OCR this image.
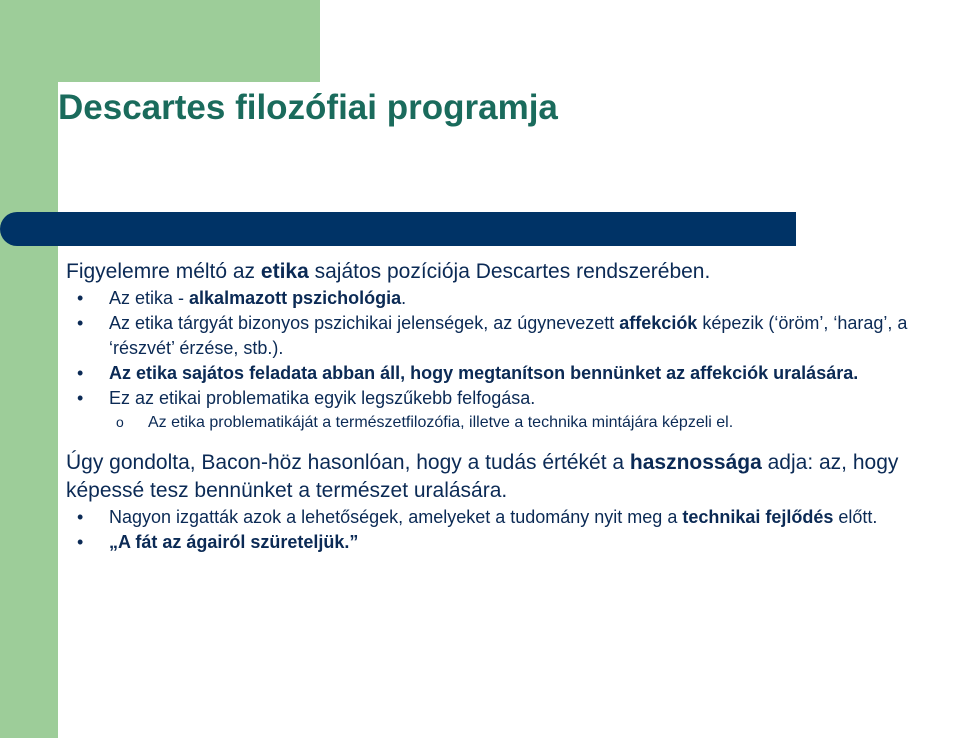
Descartes filozófiai programja

Figyelemre méltó az etika sajátos pozíciója Descartes rendszerében.

• Az etika - alkalmazott pszichológia.
• Az etika tárgyát bizonyos pszichikai jelenségek, az úgynevezett affekciók képezik (‘öröm’, ‘harag’, a ‘részvét’ érzése, stb.).
• Az etika sajátos feladata abban áll, hogy megtanítson bennünket az affekciók uralására.
• Ez az etikai problematika egyik legszűkebb felfogása.
o Az etika problematikáját a természetfilozófia, illetve a technika mintájára képzeli el.

Úgy gondolta, Bacon-höz hasonlóan, hogy a tudás értékét a hasznossága adja: az, hogy képessé tesz bennünket a természet uralására.

• Nagyon izgatták azok a lehetőségek, amelyeket a tudomány nyit meg a technikai fejlődés előtt.
• „A fát az ágairól szüreteljük.”
